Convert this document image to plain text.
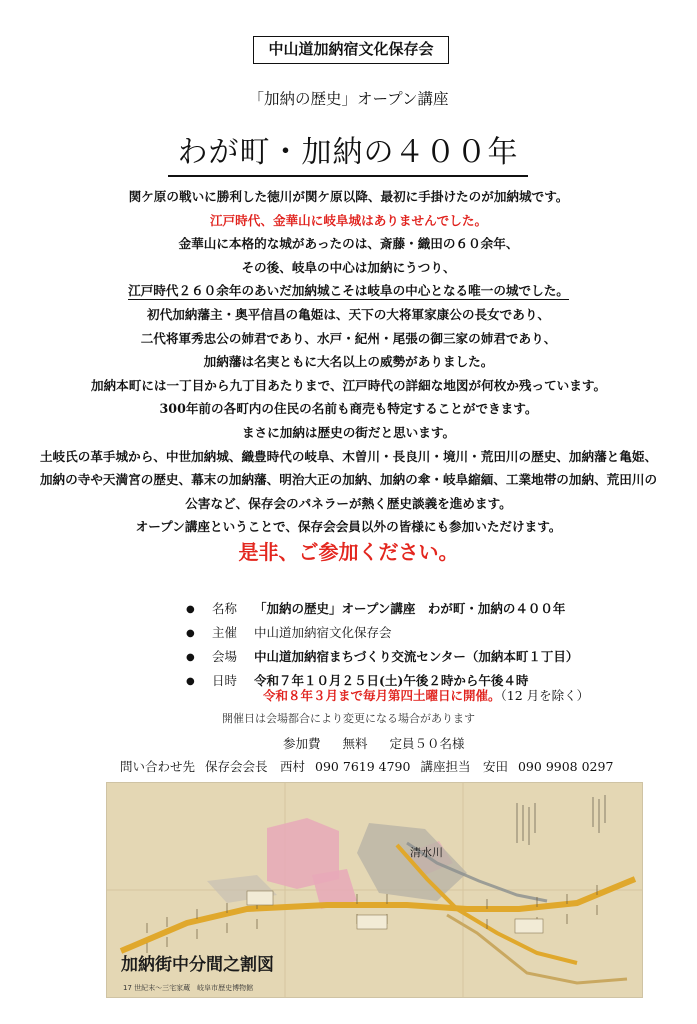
中山道加納宿文化保存会
「加納の歴史」オープン講座
わが町・加納の４００年
関ケ原の戦いに勝利した徳川が関ケ原以降、最初に手掛けたのが加納城です。
江戸時代、金華山に岐阜城はありませんでした。
金華山に本格的な城があったのは、斎藤・織田の６０余年、
その後、岐阜の中心は加納にうつり、
江戸時代２６０余年のあいだ加納城こそは岐阜の中心となる唯一の城でした。
初代加納藩主・奥平信昌の亀姫は、天下の大将軍家康公の長女であり、
二代将軍秀忠公の姉君であり、水戸・紀州・尾張の御三家の姉君であり、
加納藩は名実ともに大名以上の威勢がありました。
加納本町には一丁目から九丁目あたりまで、江戸時代の詳細な地図が何枚か残っています。
300年前の各町内の住民の名前も商売も特定することができます。
まさに加納は歴史の街だと思います。
土岐氏の革手城から、中世加納城、織豊時代の岐阜、木曽川・長良川・境川・荒田川の歴史、加納藩と亀姫、
加納の寺や天満宮の歴史、幕末の加納藩、明治大正の加納、加納の傘・岐阜縮緬、工業地帯の加納、荒田川の
公害など、保存会のパネラーが熱く歴史談義を進めます。
オープン講座ということで、保存会会員以外の皆様にも参加いただけます。
是非、ご参加ください。
● 名称 「加納の歴史」オープン講座　わが町・加納の４００年
● 主催 中山道加納宿文化保存会
● 会場 中山道加納宿まちづくり交流センター（加納本町１丁目）
● 日時 令和７年１０月２５日(土)午後２時から午後４時
令和８年３月まで毎月第四土曜日に開催。（12 月を除く）
開催日は会場都合により変更になる場合があります
参加費 無料 定員５０名様
問い合わせ先 保存会会長　西村 090 7619 4790 講座担当　安田 090 9908 0297
清水川
加納街中分間之割図
17 世紀末〜三宅家蔵　岐阜市歴史博物館
